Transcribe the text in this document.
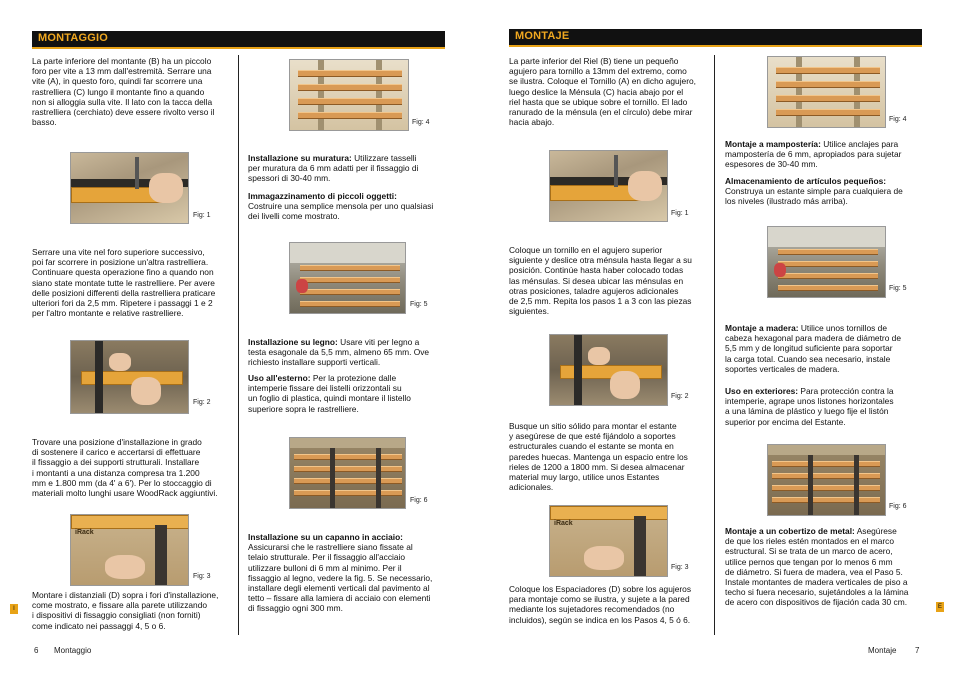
MONTAGGIO
La parte inferiore del montante (B) ha un piccolo
foro per vite a 13 mm dall'estremità. Serrare una
vite (A), in questo foro, quindi far scorrere una
rastrelliera (C) lungo il montante fino a quando
non si alloggia sulla vite. Il lato con la tacca della
rastrelliera (cerchiato) deve essere rivolto verso il
basso.
Fig: 1
Serrare una vite nel foro superiore successivo,
poi far scorrere in posizione un'altra rastrelliera.
Continuare questa operazione fino a quando non
siano state montate tutte le rastrelliere. Per avere
delle posizioni differenti della rastrelliera praticare
ulteriori fori da 2,5 mm. Ripetere i passaggi 1 e 2
per l'altro montante e relative rastrelliere.
Fig: 2
Trovare una posizione d'installazione in grado
di sostenere il carico e accertarsi di effettuare
il fissaggio a dei supporti strutturali. Installare
i montanti a una distanza compresa tra 1.200
mm e 1.800 mm (da 4' a 6'). Per lo stoccaggio di
materiali molto lunghi usare WoodRack aggiuntivi.
iRack
Fig: 3
Montare i distanziali (D) sopra i fori d'installazione,
come mostrato, e fissare alla parete utilizzando
i dispositivi di fissaggio consigliati (non forniti)
come indicato nei passaggi 4, 5 o 6.
I
Fig: 4
Installazione su muratura: Utilizzare tasselli
per muratura da 6 mm adatti per il fissaggio di
spessori di 30-40 mm.
Immagazzinamento di piccoli oggetti:
Costruire una semplice mensola per uno qualsiasi
dei livelli come mostrato.
Fig: 5
Installazione su legno: Usare viti per legno a
testa esagonale da 5,5 mm, almeno 65 mm. Ove
richiesto installare supporti verticali.
Uso all'esterno: Per la protezione dalle
intemperie fissare dei listelli orizzontali su
un foglio di plastica, quindi montare il listello
superiore sopra le rastrelliere.
Fig: 6
Installazione su un capanno in acciaio:
Assicurarsi che le rastrelliere siano fissate al
telaio strutturale. Per il fissaggio all'acciaio
utilizzare bulloni di 6 mm al minimo. Per il
fissaggio al legno, vedere la fig. 5. Se necessario,
installare degli elementi verticali dal pavimento al
tetto – fissare alla lamiera di acciaio con elementi
di fissaggio ogni 300 mm.
6 Montaggio
MONTAJE
La parte inferior del Riel (B) tiene un pequeño
agujero para tornillo a 13mm del extremo, como
se ilustra. Coloque el Tornillo (A) en dicho agujero,
luego deslice la Ménsula (C) hacia abajo por el
riel hasta que se ubique sobre el tornillo. El lado
ranurado de la ménsula (en el círculo) debe mirar
hacia abajo.
Fig: 1
Coloque un tornillo en el agujero superior
siguiente y deslice otra ménsula hasta llegar a su
posición. Continúe hasta haber colocado todas
las ménsulas. Si desea ubicar las ménsulas en
otras posiciones, taladre agujeros adicionales
de 2,5 mm. Repita los pasos 1 a 3 con las piezas
siguientes.
Fig: 2
Busque un sitio sólido para montar el estante
y asegúrese de que esté fijándolo a soportes
estructurales cuando el estante se monta en
paredes huecas. Mantenga un espacio entre los
rieles de 1200 a 1800 mm. Si desea almacenar
material muy largo, utilice unos Estantes
adicionales.
iRack
Fig: 3
Coloque los Espaciadores (D) sobre los agujeros
para montaje como se ilustra, y sujete a la pared
mediante los sujetadores recomendados (no
incluidos), según se indica en los Pasos 4, 5 ó 6.
E
Fig: 4
Montaje a mampostería: Utilice anclajes para
mampostería de 6 mm, apropiados para sujetar
espesores de 30-40 mm.
Almacenamiento de artículos pequeños:
Construya un estante simple para cualquiera de
los niveles (ilustrado más arriba).
Fig: 5
Montaje a madera: Utilice unos tornillos de
cabeza hexagonal para madera de diámetro de
5,5 mm y de longitud suficiente para soportar
la carga total. Cuando sea necesario, instale
soportes verticales de madera.
Uso en exteriores: Para protección contra la
intemperie, agrape unos listones horizontales
a una lámina de plástico y luego fije el listón
superior por encima del Estante.
Fig: 6
Montaje a un cobertizo de metal: Asegúrese
de que los rieles estén montados en el marco
estructural. Si se trata de un marco de acero,
utilice pernos que tengan por lo menos 6 mm
de diámetro. Si fuera de madera, vea el Paso 5.
Instale montantes de madera verticales de piso a
techo si fuera necesario, sujetándoles a la lámina
de acero con dispositivos de fijación cada 30 cm.
Montaje 7
